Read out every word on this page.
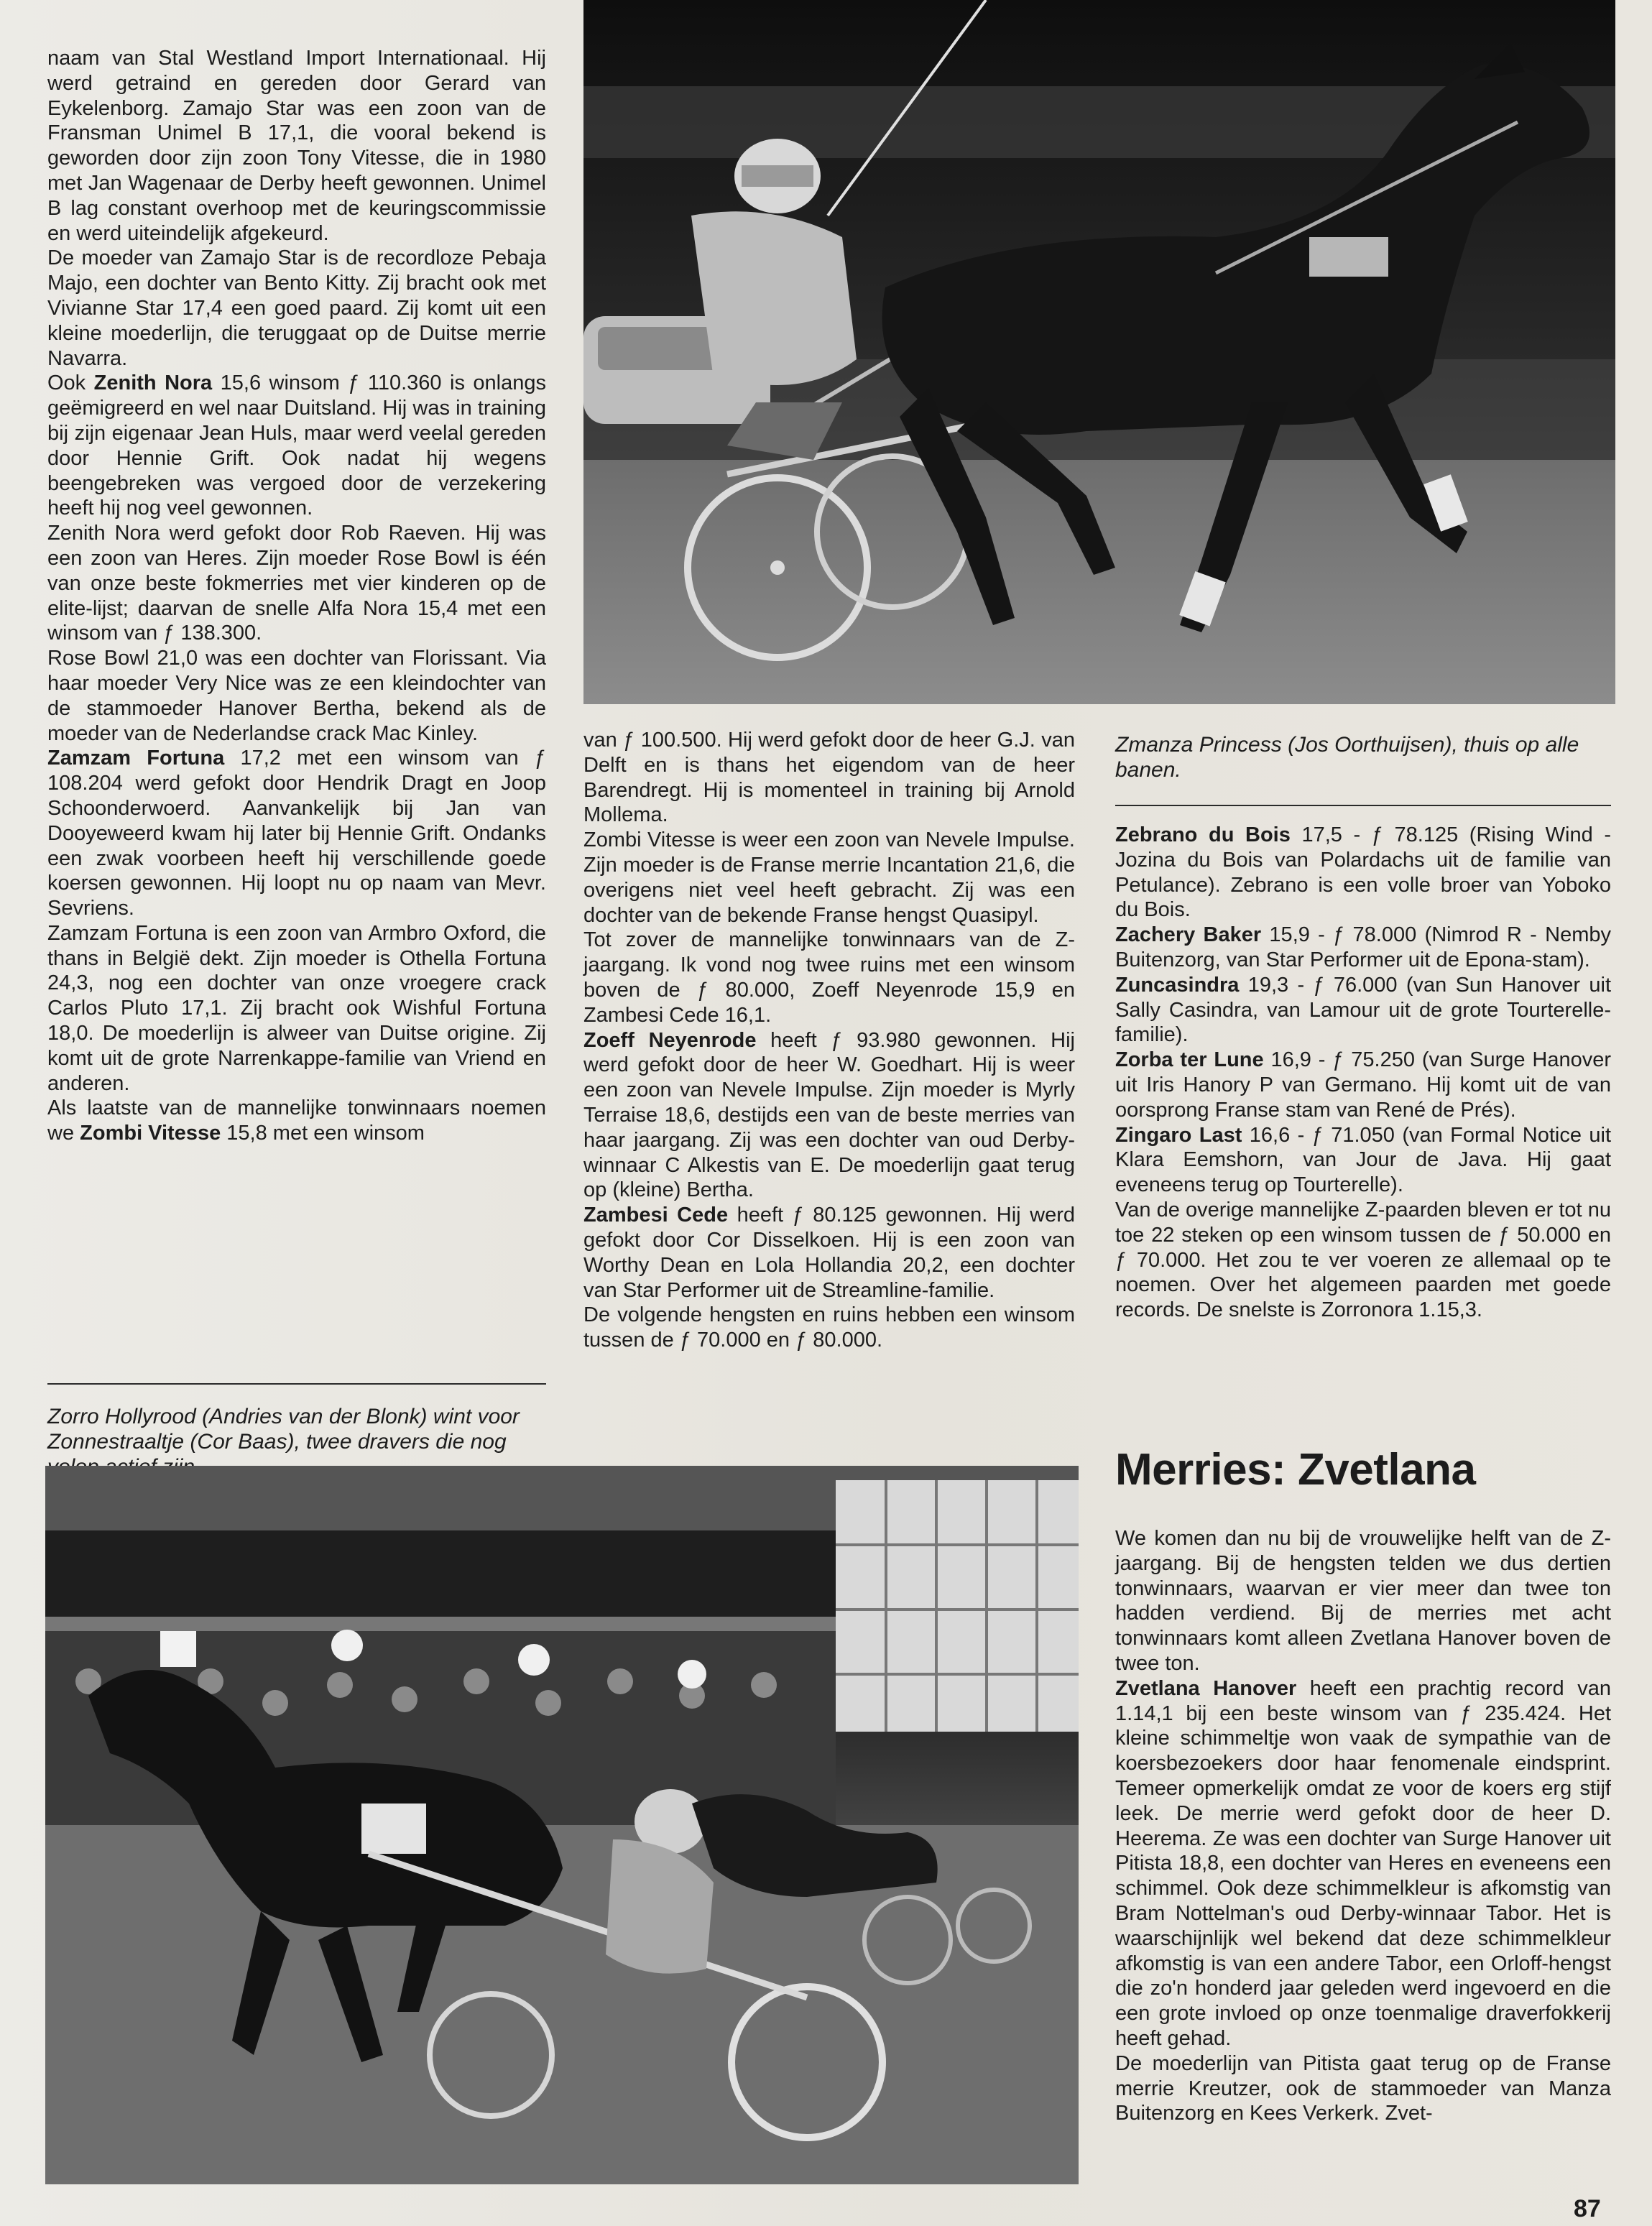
naam van Stal Westland Import Internationaal. Hij werd getraind en gereden door Gerard van Eykelenborg. Zamajo Star was een zoon van de Fransman Unimel B 17,1, die vooral bekend is geworden door zijn zoon Tony Vitesse, die in 1980 met Jan Wagenaar de Derby heeft gewonnen. Unimel B lag constant overhoop met de keuringscommissie en werd uiteindelijk afgekeurd.

De moeder van Zamajo Star is de recordloze Pebaja Majo, een dochter van Bento Kitty. Zij bracht ook met Vivianne Star 17,4 een goed paard. Zij komt uit een kleine moederlijn, die teruggaat op de Duitse merrie Navarra.

Ook Zenith Nora 15,6 winsom ƒ 110.360 is onlangs geëmigreerd en wel naar Duitsland. Hij was in training bij zijn eigenaar Jean Huls, maar werd veelal gereden door Hennie Grift. Ook nadat hij wegens beengebreken was vergoed door de verzekering heeft hij nog veel gewonnen.

Zenith Nora werd gefokt door Rob Raeven. Hij was een zoon van Heres. Zijn moeder Rose Bowl is één van onze beste fokmerries met vier kinderen op de elite-lijst; daarvan de snelle Alfa Nora 15,4 met een winsom van ƒ 138.300.

Rose Bowl 21,0 was een dochter van Florissant. Via haar moeder Very Nice was ze een kleindochter van de stammoeder Hanover Bertha, bekend als de moeder van de Nederlandse crack Mac Kinley.

Zamzam Fortuna 17,2 met een winsom van ƒ 108.204 werd gefokt door Hendrik Dragt en Joop Schoonderwoerd. Aanvankelijk bij Jan van Dooyeweerd kwam hij later bij Hennie Grift. Ondanks een zwak voorbeen heeft hij verschillende goede koersen gewonnen. Hij loopt nu op naam van Mevr. Sevriens.

Zamzam Fortuna is een zoon van Armbro Oxford, die thans in België dekt. Zijn moeder is Othella Fortuna 24,3, nog een dochter van onze vroegere crack Carlos Pluto 17,1. Zij bracht ook Wishful Fortuna 18,0. De moederlijn is alweer van Duitse origine. Zij komt uit de grote Narrenkappe-familie van Vriend en anderen.

Als laatste van de mannelijke tonwinnaars noemen we Zombi Vitesse 15,8 met een winsom

Zorro Hollyrood (Andries van der Blonk) wint voor Zonnestraaltje (Cor Baas), twee dravers die nog

van ƒ 100.500. Hij werd gefokt door de heer G.J. van Delft en is thans het eigendom van de heer Barendregt. Hij is momenteel in training bij Arnold Mollema.

Zombi Vitesse is weer een zoon van Nevele Impulse. Zijn moeder is de Franse merrie Incantation 21,6, die overigens niet veel heeft gebracht. Zij was een dochter van de bekende Franse hengst Quasipyl.

Tot zover de mannelijke tonwinnaars van de Z-jaargang. Ik vond nog twee ruins met een winsom boven de ƒ 80.000, Zoeff Neyenrode 15,9 en Zambesi Cede 16,1.

Zoeff Neyenrode heeft ƒ 93.980 gewonnen. Hij werd gefokt door de heer W. Goedhart. Hij is weer een zoon van Nevele Impulse. Zijn moeder is Myrly Terraise 18,6, destijds een van de beste merries van haar jaargang. Zij was een dochter van oud Derby-winnaar C Alkestis van E. De moederlijn gaat terug op (kleine) Bertha.

Zambesi Cede heeft ƒ 80.125 gewonnen. Hij werd gefokt door Cor Disselkoen. Hij is een zoon van Worthy Dean en Lola Hollandia 20,2, een dochter van Star Performer uit de Streamline-familie.

De volgende hengsten en ruins hebben een winsom tussen de ƒ 70.000 en ƒ 80.000.

Zmanza Princess (Jos Oorthuijsen), thuis op alle banen.

Zebrano du Bois 17,5 - ƒ 78.125 (Rising Wind - Jozina du Bois van Polardachs uit de familie van Petulance). Zebrano is een volle broer van Yoboko du Bois.

Zachery Baker 15,9 - ƒ 78.000 (Nimrod R - Nemby Buitenzorg, van Star Performer uit de Epona-stam).

Zuncasindra 19,3 - ƒ 76.000 (van Sun Hanover uit Sally Casindra, van Lamour uit de grote Tourterelle-familie).

Zorba ter Lune 16,9 - ƒ 75.250 (van Surge Hanover uit Iris Hanory P van Germano. Hij komt uit de van oorsprong Franse stam van René de Prés).

Zingaro Last 16,6 - ƒ 71.050 (van Formal Notice uit Klara Eemshorn, van Jour de Java. Hij gaat eveneens terug op Tourterelle).

Van de overige mannelijke Z-paarden bleven er tot nu toe 22 steken op een winsom tussen de ƒ 50.000 en ƒ 70.000. Het zou te ver voeren ze allemaal op te noemen. Over het algemeen paarden met goede records. De snelste is Zorronora 1.15,3.

Merries: Zvetlana

We komen dan nu bij de vrouwelijke helft van de Z-jaargang. Bij de hengsten telden we dus dertien tonwinnaars, waarvan er vier meer dan twee ton hadden verdiend. Bij de merries met acht tonwinnaars komt alleen Zvetlana Hanover boven de twee ton.

Zvetlana Hanover heeft een prachtig record van 1.14,1 bij een beste winsom van ƒ 235.424. Het kleine schimmeltje won vaak de sympathie van de koersbezoekers door haar fenomenale eindsprint. Temeer opmerkelijk omdat ze voor de koers erg stijf leek. De merrie werd gefokt door de heer D. Heerema. Ze was een dochter van Surge Hanover uit Pitista 18,8, een dochter van Heres en eveneens een schimmel. Ook deze schimmelkleur is afkomstig van Bram Nottelman's oud Derby-winnaar Tabor. Het is waarschijnlijk wel bekend dat deze schimmelkleur afkomstig is van een andere Tabor, een Orloff-hengst die zo'n honderd jaar geleden werd ingevoerd en die een grote invloed op onze toenmalige draverfokkerij heeft gehad.

De moederlijn van Pitista gaat terug op de Franse merrie Kreutzer, ook de stammoeder van Manza Buitenzorg en Kees Verkerk. Zvet-

87
